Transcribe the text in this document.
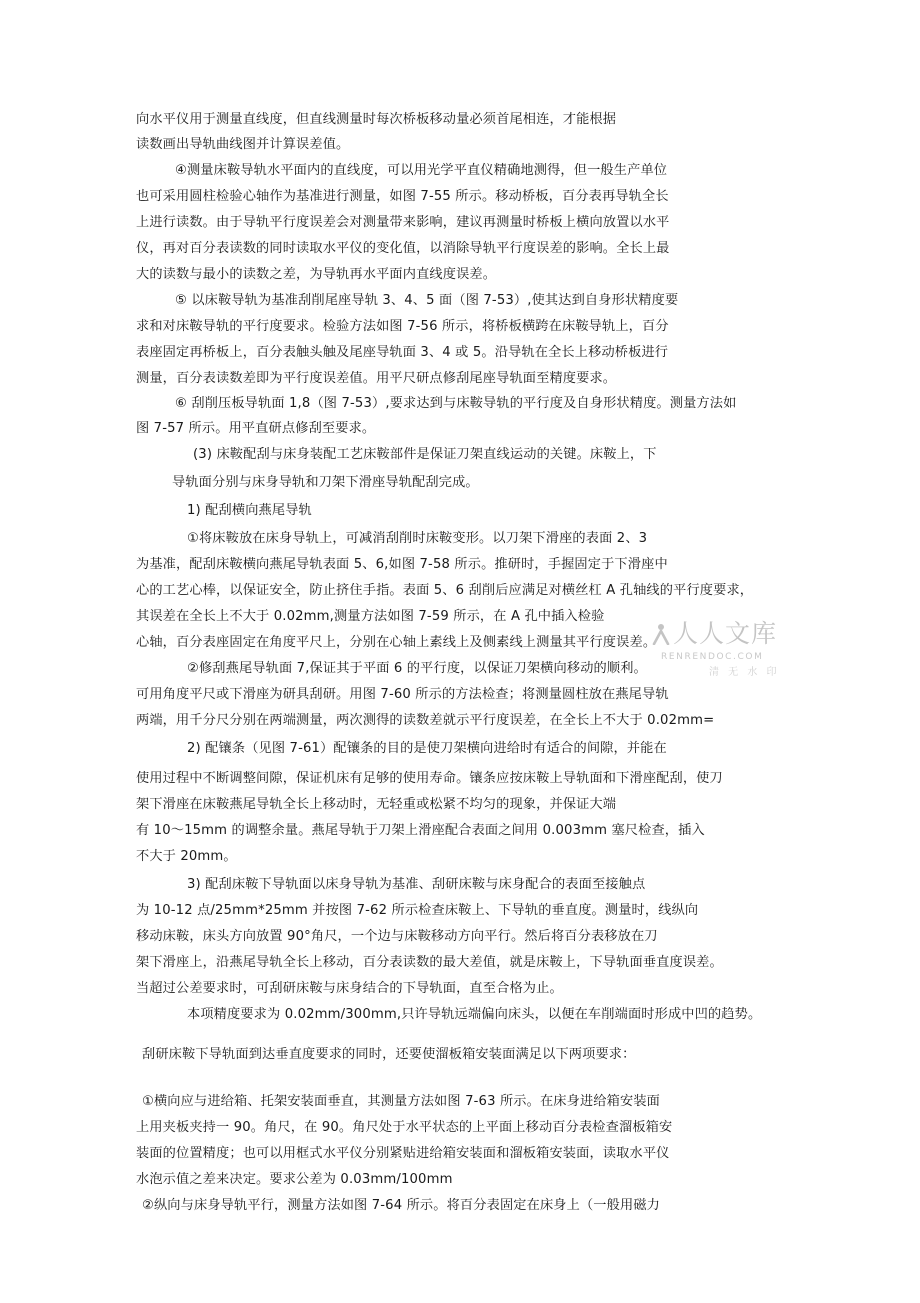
向水平仪用于测量直线度，但直线测量时每次桥板移动量必须首尾相连，才能根据
读数画出导轨曲线图并计算误差值。
④测量床鞍导轨水平面内的直线度，可以用光学平直仪精确地测得，但一般生产单位
也可采用圆柱检验心轴作为基准进行测量，如图 7-55 所示。移动桥板，百分表再导轨全长
上进行读数。由于导轨平行度误差会对测量带来影响，建议再测量时桥板上横向放置以水平
仪，再对百分表读数的同时读取水平仪的变化值，以消除导轨平行度误差的影响。全长上最
大的读数与最小的读数之差，为导轨再水平面内直线度误差。
⑤ 以床鞍导轨为基准刮削尾座导轨 3、4、5 面（图 7-53）,使其达到自身形状精度要
求和对床鞍导轨的平行度要求。检验方法如图 7-56 所示，将桥板横跨在床鞍导轨上，百分
表座固定再桥板上，百分表触头触及尾座导轨面 3、4 或 5。沿导轨在全长上移动桥板进行
测量，百分表读数差即为平行度误差值。用平尺研点修刮尾座导轨面至精度要求。
⑥ 刮削压板导轨面 1,8（图 7-53）,要求达到与床鞍导轨的平行度及自身形状精度。测量方法如
图 7-57 所示。用平直研点修刮至要求。
(3) 床鞍配刮与床身装配工艺床鞍部件是保证刀架直线运动的关键。床鞍上，下
导轨面分别与床身导轨和刀架下滑座导轨配刮完成。
1) 配刮横向燕尾导轨
①将床鞍放在床身导轨上，可减消刮削时床鞍变形。以刀架下滑座的表面 2、3
为基准，配刮床鞍横向燕尾导轨表面 5、6,如图 7-58 所示。推研时，手握固定于下滑座中
心的工艺心棒，以保证安全，防止挤住手指。表面 5、6 刮削后应满足对横丝杠 A 孔轴线的平行度要求，
其误差在全长上不大于 0.02mm,测量方法如图 7-59 所示，在 A 孔中插入检验
心轴，百分表座固定在角度平尺上，分别在心轴上素线上及侧素线上测量其平行度误差。
②修刮燕尾导轨面 7,保证其于平面 6 的平行度，以保证刀架横向移动的顺利。
可用角度平尺或下滑座为研具刮研。用图 7-60 所示的方法检查；将测量圆柱放在燕尾导轨
两端，用千分尺分别在两端测量，两次测得的读数差就示平行度误差，在全长上不大于 0.02mm=
2) 配镶条（见图 7-61）配镶条的目的是使刀架横向进给时有适合的间隙，并能在
使用过程中不断调整间隙，保证机床有足够的使用寿命。镶条应按床鞍上导轨面和下滑座配刮，使刀
架下滑座在床鞍燕尾导轨全长上移动时，无轻重或松紧不均匀的现象，并保证大端
有 10～15mm 的调整余量。燕尾导轨于刀架上滑座配合表面之间用 0.003mm 塞尺检查，插入
不大于 20mm。
3) 配刮床鞍下导轨面以床身导轨为基准、刮研床鞍与床身配合的表面至接触点
为 10-12 点/25mm*25mm 并按图 7-62 所示检查床鞍上、下导轨的垂直度。测量时，线纵向
移动床鞍，床头方向放置 90°角尺，一个边与床鞍移动方向平行。然后将百分表移放在刀
架下滑座上，沿燕尾导轨全长上移动，百分表读数的最大差值，就是床鞍上，下导轨面垂直度误差。
当超过公差要求时，可刮研床鞍与床身结合的下导轨面，直至合格为止。
本项精度要求为 0.02mm/300mm,只许导轨远端偏向床头，以便在车削端面时形成中凹的趋势。
刮研床鞍下导轨面到达垂直度要求的同时，还要使溜板箱安装面满足以下两项要求：
①横向应与进给箱、托架安装面垂直，其测量方法如图 7-63 所示。在床身进给箱安装面
上用夹板夹持一 90。角尺，在 90。角尺处于水平状态的上平面上移动百分表检查溜板箱安
装面的位置精度；也可以用框式水平仪分别紧贴进给箱安装面和溜板箱安装面，读取水平仪
水泡示值之差来决定。要求公差为 0.03mm/100mm
②纵向与床身导轨平行，测量方法如图 7-64 所示。将百分表固定在床身上（一般用磁力
人人文库
RENRENDOC.COM
清 无 水 印
